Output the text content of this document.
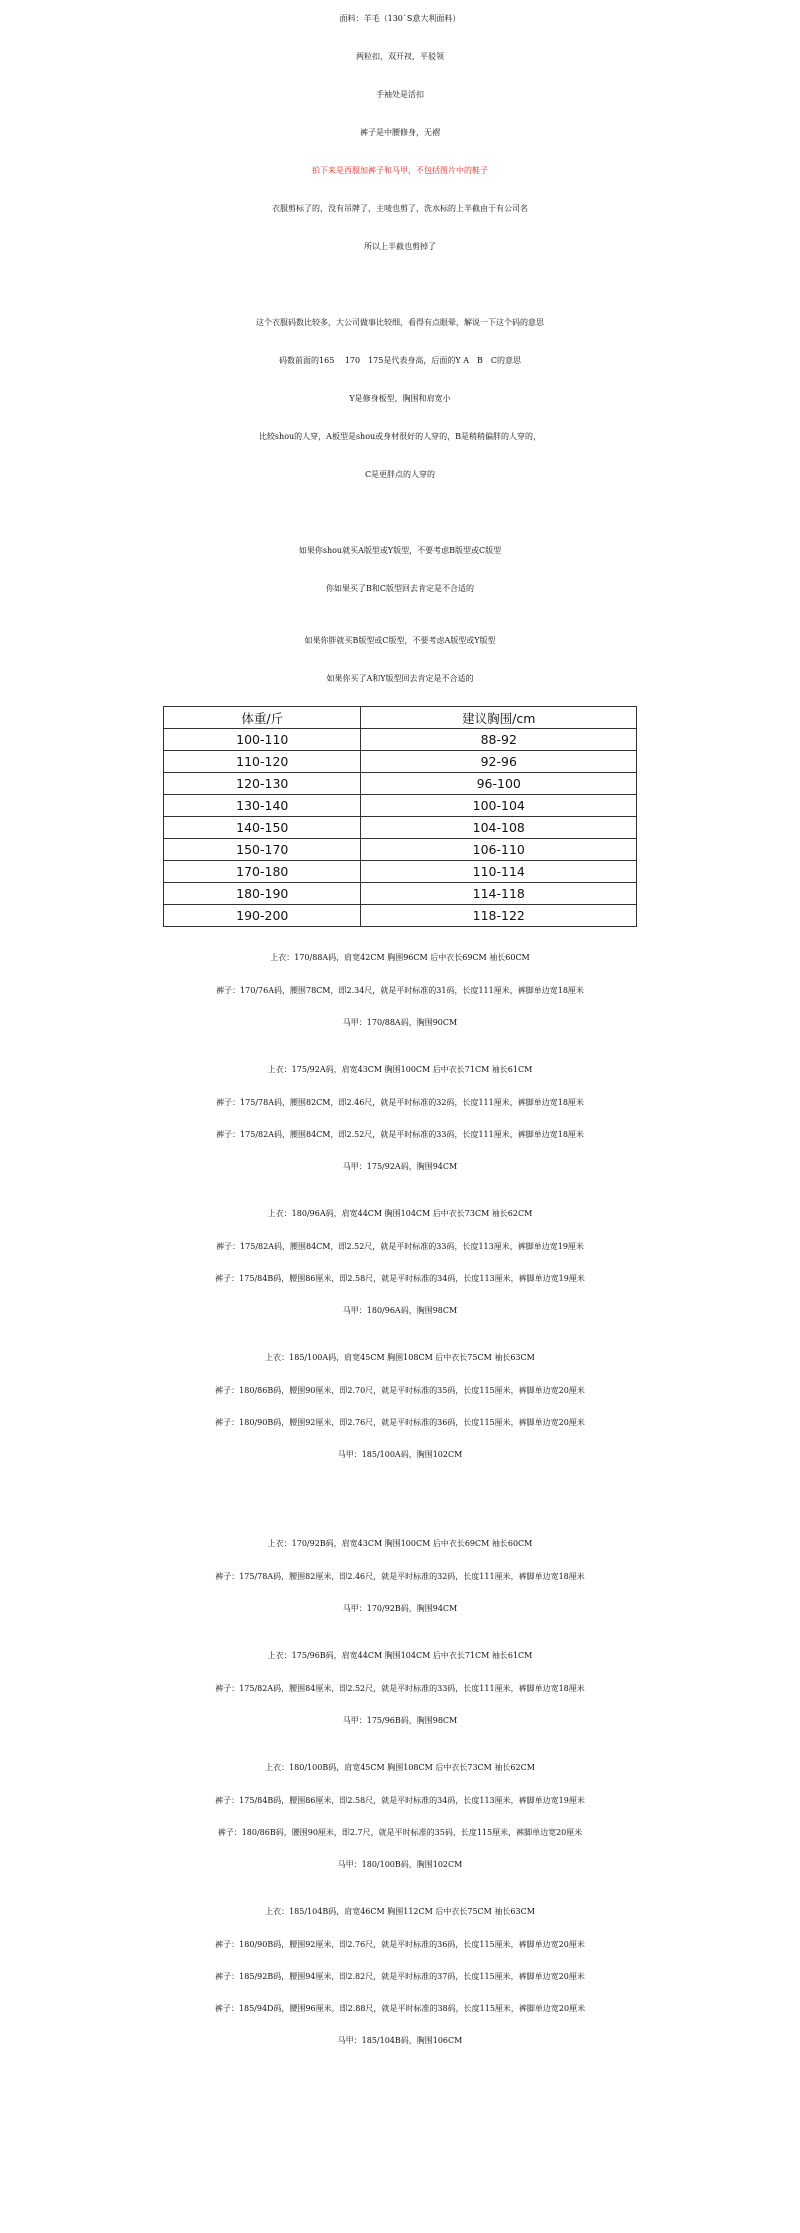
面料：羊毛（130`S意大利面料）
两粒扣，双开衩，平驳领
手袖处是活扣
裤子是中腰修身，无褶
拍下来是西服加裤子和马甲，不包括图片中的鞋子
衣服剪标了的，没有吊牌了，主唛也剪了，洗水标的上半截由于有公司名
所以上半截也剪掉了
这个衣服码数比较多，大公司做事比较细，看得有点眼晕，解说一下这个码的意思
码数前面的165　 170　175是代表身高，后面的Y A　B　C的意思
Y是修身板型，胸围和肩宽小
比较shou的人穿，A板型是shou或身材很好的人穿的，B是稍稍偏胖的人穿的，
C是更胖点的人穿的
如果你shou就买A版型或Y版型，不要考虑B版型或C版型
你如果买了B和C版型回去肯定是不合适的
如果你胖就买B版型或C版型，不要考虑A版型或Y版型
如果你买了A和Y版型回去肯定是不合适的
体重/斤	建议胸围/cm
100-110	88-92
110-120	92-96
120-130	96-100
130-140	100-104
140-150	104-108
150-170	106-110
170-180	110-114
180-190	114-118
190-200	118-122
上衣：170/88A码，肩宽42CM 胸围96CM 后中衣长69CM 袖长60CM
裤子：170/76A码，腰围78CM，即2.34尺，就是平时标准的31码，长度111厘米，裤脚单边宽18厘米
马甲：170/88A码，胸围90CM
上衣：175/92A码，肩宽43CM 胸围100CM 后中衣长71CM 袖长61CM
裤子：175/78A码，腰围82CM，即2.46尺，就是平时标准的32码，长度111厘米，裤脚单边宽18厘米
裤子：175/82A码，腰围84CM，即2.52尺，就是平时标准的33码，长度111厘米，裤脚单边宽18厘米
马甲：175/92A码，胸围94CM
上衣：180/96A码，肩宽44CM 胸围104CM 后中衣长73CM 袖长62CM
裤子：175/82A码，腰围84CM，即2.52尺，就是平时标准的33码，长度113厘米，裤脚单边宽19厘米
裤子：175/84B码，腰围86厘米，即2.58尺，就是平时标准的34码，长度113厘米，裤脚单边宽19厘米
马甲：180/96A码，胸围98CM
上衣：185/100A码，肩宽45CM 胸围108CM 后中衣长75CM 袖长63CM
裤子：180/86B码，腰围90厘米，即2.70尺，就是平时标准的35码，长度115厘米，裤脚单边宽20厘米
裤子：180/90B码，腰围92厘米，即2.76尺，就是平时标准的36码，长度115厘米，裤脚单边宽20厘米
马甲：185/100A码，胸围102CM
上衣：170/92B码，肩宽43CM 胸围100CM 后中衣长69CM 袖长60CM
裤子：175/78A码，腰围82厘米，即2.46尺，就是平时标准的32码，长度111厘米，裤脚单边宽18厘米
马甲：170/92B码，胸围94CM
上衣：175/96B码，肩宽44CM 胸围104CM 后中衣长71CM 袖长61CM
裤子：175/82A码，腰围84厘米，即2.52尺，就是平时标准的33码，长度111厘米，裤脚单边宽18厘米
马甲：175/96B码，胸围98CM
上衣：180/100B码，肩宽45CM 胸围108CM 后中衣长73CM 袖长62CM
裤子：175/84B码，腰围86厘米，即2.58尺，就是平时标准的34码，长度113厘米，裤脚单边宽19厘米
裤子：180/86B码，腰围90厘米，即2.7尺，就是平时标准的35码，长度115厘米，裤脚单边宽20厘米
马甲：180/100B码，胸围102CM
上衣：185/104B码，肩宽46CM 胸围112CM 后中衣长75CM 袖长63CM
裤子：180/90B码，腰围92厘米，即2.76尺，就是平时标准的36码，长度115厘米，裤脚单边宽20厘米
裤子：185/92B码，腰围94厘米，即2.82尺，就是平时标准的37码，长度115厘米，裤脚单边宽20厘米
裤子：185/94D码，腰围96厘米，即2.88尺，就是平时标准的38码，长度115厘米，裤脚单边宽20厘米
马甲：185/104B码，胸围106CM
